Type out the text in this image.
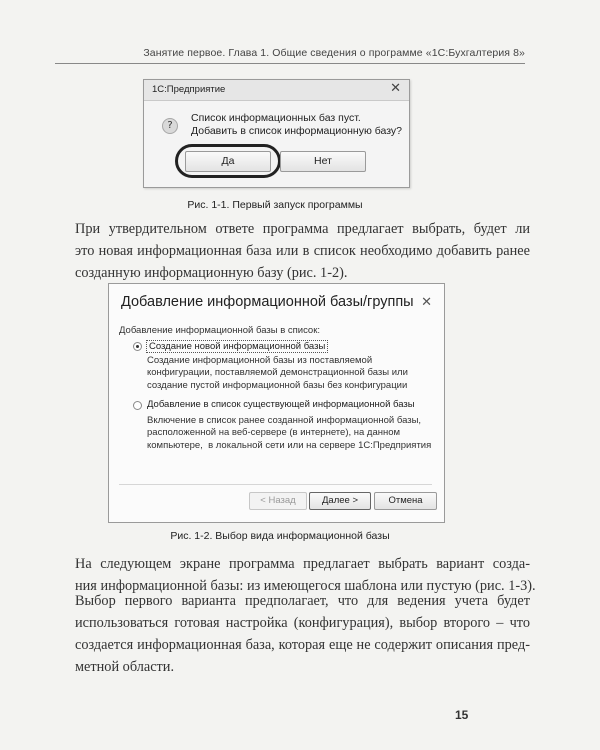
Занятие первое. Глава 1. Общие сведения о программе «1С:Бухгалтерия 8»
1С:Предприятие	✕
?
Список информационных баз пуст.
Добавить в список информационную базу?
Да	Нет
Рис. 1-1. Первый запуск программы
При утвердительном ответе программа предлагает выбрать, будет ли
это новая информационная база или в список необходимо добавить ранее
созданную информационную базу (рис. 1-2).
Добавление информационной базы/группы ✕
Добавление информационной базы в список:
Создание новой информационной базы
Создание информационной базы из поставляемой
конфигурации, поставляемой демонстрационной базы или
создание пустой информационной базы без конфигурации
Добавление в список существующей информационной базы
Включение в список ранее созданной информационной базы,
расположенной на веб-сервере (в интернете), на данном
компьютере,  в локальной сети или на сервере 1С:Предприятия
< Назад	Далее >	Отмена
Рис. 1-2. Выбор вида информационной базы
На следующем экране программа предлагает выбрать вариант созда-
ния информационной базы: из имеющегося шаблона или пустую (рис. 1-3).
Выбор первого варианта предполагает, что для ведения учета будет
использоваться готовая настройка (конфигурация), выбор второго – что
создается информационная база, которая еще не содержит описания пред-
метной области.
15
